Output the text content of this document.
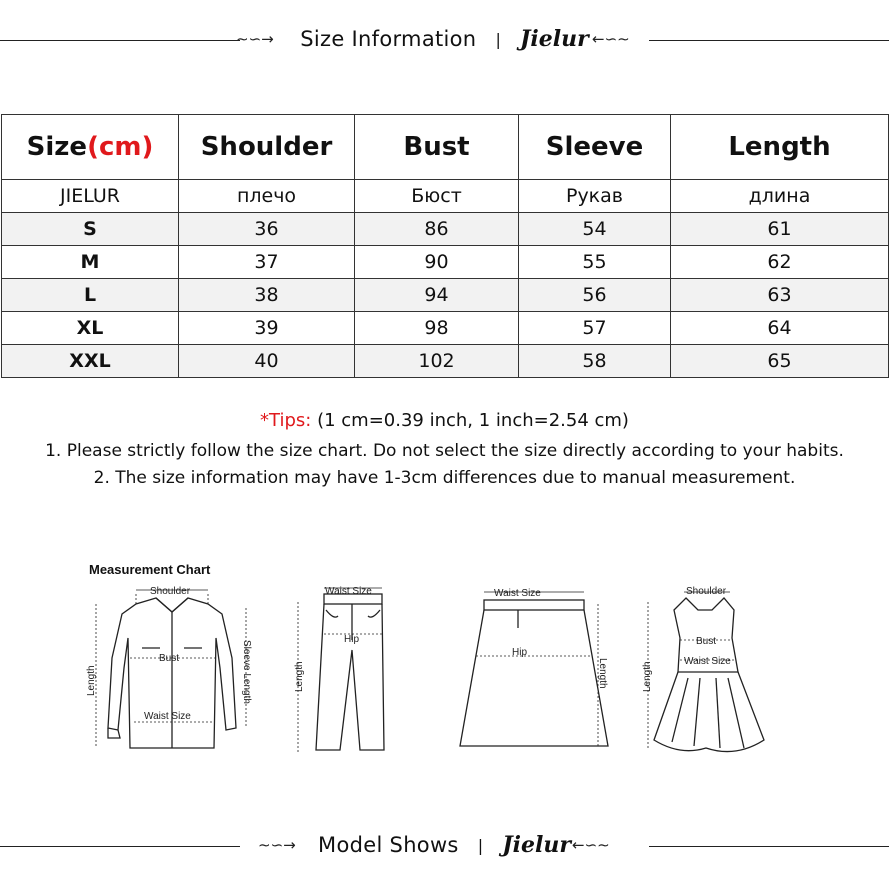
∼∽→	Size Information | Jielur ←∽∼
Size(cm)	Shoulder	Bust	Sleeve	Length
JIELUR	плечо	Бюст	Рукав	длина
S	36	86	54	61
M	37	90	55	62
L	38	94	56	63
XL	39	98	57	64
XXL	40	102	58	65
*Tips: (1 cm=0.39 inch, 1 inch=2.54 cm)
1. Please strictly follow the size chart. Do not select the size directly according to your habits.
2. The size information may have 1-3cm differences due to manual measurement.
Measurement Chart
Shoulder
Bust
Waist Size
Length	Sleeve Length
Waist Size
Hip
Length
Waist Size
Hip
Length
Shoulder
Bust
Waist Size
Length
∼∽→	Model Shows | Jielur ←∽∼
